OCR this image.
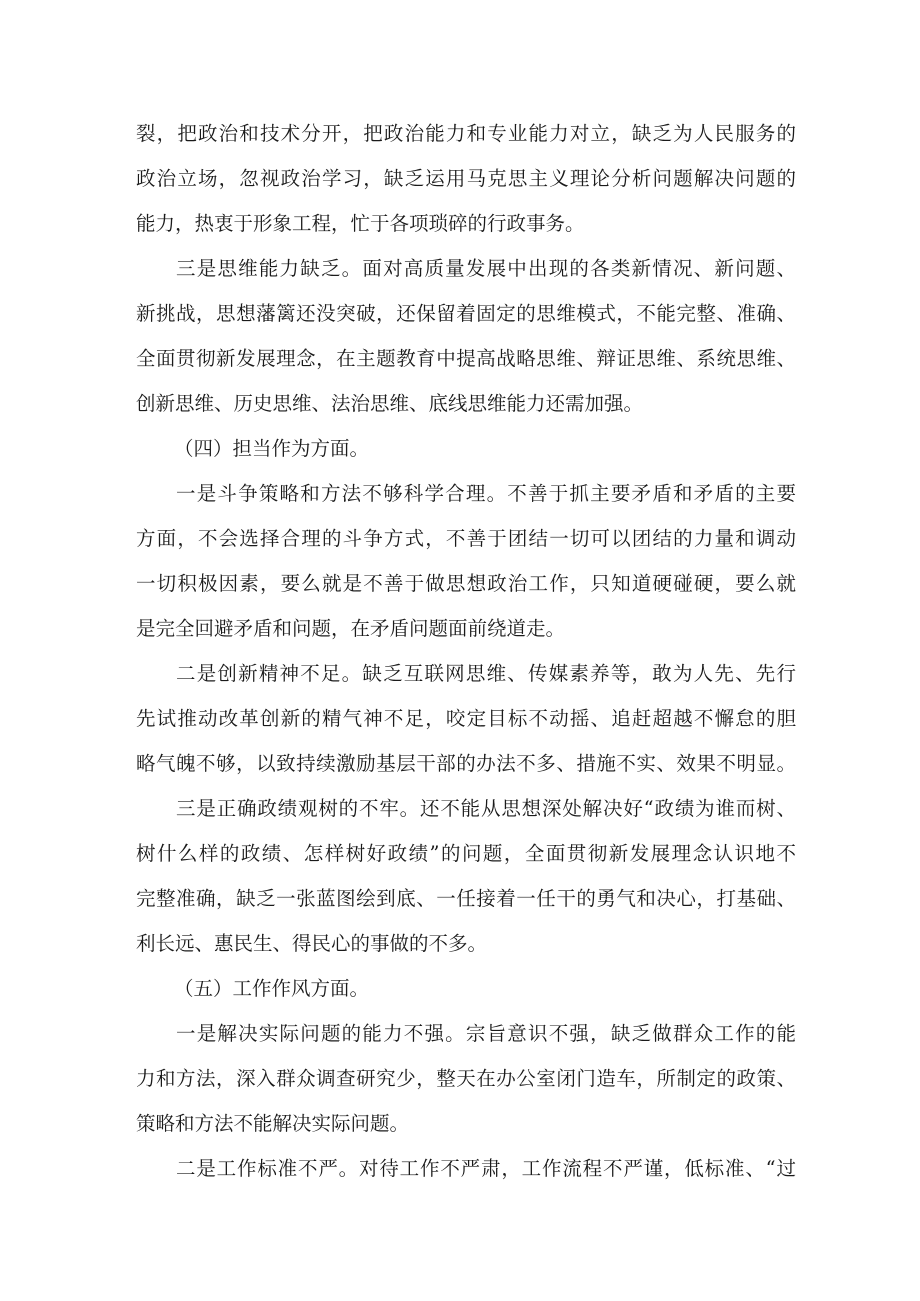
裂，把政治和技术分开，把政治能力和专业能力对立，缺乏为人民服务的
政治立场，忽视政治学习，缺乏运用马克思主义理论分析问题解决问题的
能力，热衷于形象工程，忙于各项琐碎的行政事务。
三是思维能力缺乏。面对高质量发展中出现的各类新情况、新问题、
新挑战，思想藩篱还没突破，还保留着固定的思维模式，不能完整、准确、
全面贯彻新发展理念，在主题教育中提高战略思维、辩证思维、系统思维、
创新思维、历史思维、法治思维、底线思维能力还需加强。
（四）担当作为方面。
一是斗争策略和方法不够科学合理。不善于抓主要矛盾和矛盾的主要
方面，不会选择合理的斗争方式，不善于团结一切可以团结的力量和调动
一切积极因素，要么就是不善于做思想政治工作，只知道硬碰硬，要么就
是完全回避矛盾和问题，在矛盾问题面前绕道走。
二是创新精神不足。缺乏互联网思维、传媒素养等，敢为人先、先行
先试推动改革创新的精气神不足，咬定目标不动摇、追赶超越不懈怠的胆
略气魄不够，以致持续激励基层干部的办法不多、措施不实、效果不明显。
三是正确政绩观树的不牢。还不能从思想深处解决好“政绩为谁而树、
树什么样的政绩、怎样树好政绩”的问题，全面贯彻新发展理念认识地不
完整准确，缺乏一张蓝图绘到底、一任接着一任干的勇气和决心，打基础、
利长远、惠民生、得民心的事做的不多。
（五）工作作风方面。
一是解决实际问题的能力不强。宗旨意识不强，缺乏做群众工作的能
力和方法，深入群众调查研究少，整天在办公室闭门造车，所制定的政策、
策略和方法不能解决实际问题。
二是工作标准不严。对待工作不严肃，工作流程不严谨，低标准、“过
